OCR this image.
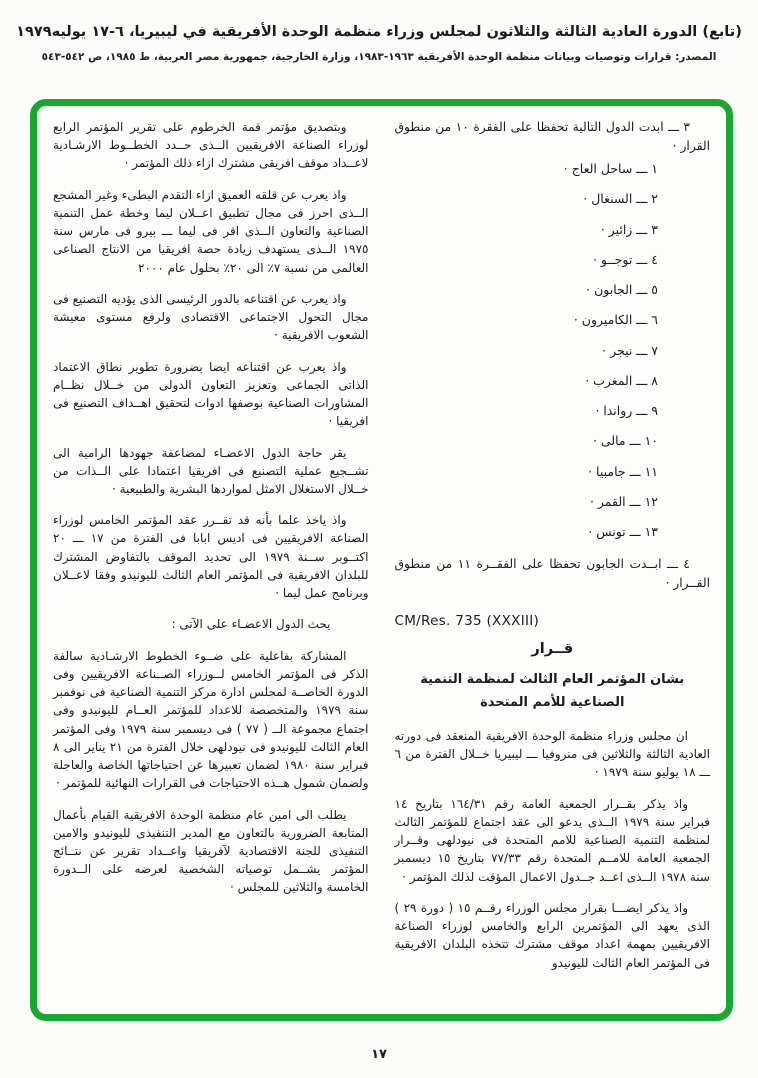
(تابع) الدورة العادية الثالثة والثلاثون لمجلس وزراء منظمة الوحدة الأفريقية في ليبيريا، ٦-١٧ يوليه١٩٧٩
المصدر: قرارات وتوصيات وبيانات منظمة الوحدة الأفريقية ١٩٦٣-١٩٨٣، وزارة الخارجية، جمهورية مصر العربية، ط ١٩٨٥، ص ٥٤٢-٥٤٣
٣ ـــ ابدت الدول التالية تحفظا على الفقرة ١٠ من منطوق القرار ·
١ ـــ ساحل العاج ·
٢ ـــ السنغال ·
٣ ـــ زائير ·
٤ ـــ توجــو ·
٥ ـــ الجابون ·
٦ ـــ الكاميرون ·
٧ ـــ نيجر ·
٨ ـــ المغرب ·
٩ ـــ رواندا ·
١٠ ـــ مالى ·
١١ ـــ جامبيا ·
١٢ ـــ القمر ·
١٣ ـــ تونس ·
٤ ـــ ابــدت الجابون تحفظا على الفقــرة ١١ من منطوق القــرار ·
CM/Res. 735 (XXXIII)
قــرار
بشان المؤتمر العام الثالث لمنظمة التنمية
الصناعية للأمم المتحدة
ان مجلس وزراء منظمة الوحدة الافريقية المنعقد فى دورته العادية الثالثة والثلاثين فى منروفيا ـــ ليبيريا خــلال الفترة من ٦ ـــ ١٨ يوليو سنة ١٩٧٩ ·
واذ يذكر بقــرار الجمعية العامة رقم ١٦٤/٣١ بتاريخ ١٤ فبراير سنة ١٩٧٩ الــذى يدعو الى عقد اجتماع للمؤتمر الثالث لمنظمة التنمية الصناعية للامم المتحدة فى نيودلهى وقــرار الجمعية العامة للامــم المتحدة رقم ٧٧/٣٣ بتاريخ ١٥ ديسمبر سنة ١٩٧٨ الــذى اعــد جــدول الاعمال المؤقت لذلك المؤتمر ·
واذ يذكر ايضـــا بقرار مجلس الوزراء رقــم ١٥ ( دورة ٢٩ ) الذى يعهد الى المؤتمرين الرابع والخامس لوزراء الصناعة الافريقيين بمهمة اعداد موقف مشترك تتخذه البلدان الافريقية فى المؤتمر العام الثالث لليونيدو
وبتصديق مؤتمر قمة الخرطوم على تقرير المؤتمر الرابع لوزراء الصناعة الافريقيين الــذى حــدد الخطــوط الارشـادية لاعــداد موقف افريقى مشترك ازاء ذلك المؤتمر ·
واذ يعرب عن قلقه العميق ازاء التقدم البطىء وغير المشجع الــذى احرز فى مجال تطبيق اعــلان ليما وخطة عمل التنمية الصناعية والتعاون الــذى اقر فى ليما ـــ بيرو فى مارس سنة ١٩٧٥ الــذى يستهدف زيادة حصة افريقيا من الانتاج الصناعى العالمى من نسبة ٧٪ الى ٢٠٪ بحلول عام ٢٠٠٠
واذ يعرب عن اقتناعه بالدور الرئيسى الذى يؤديه التصنيع فى مجال التحول الاجتماعى الاقتصادى ولرفع مستوى معيشة الشعوب الافريقية ·
واذ يعرب عن اقتناعه ايضا بضرورة تطوير نطاق الاعتماد الذاتى الجماعى وتعزيز التعاون الدولى من خــلال نظــام المشاورات الصناعية بوصفها ادوات لتحقيق اهــداف التصنيع فى افريقيا ·
يقر حاجة الدول الاعضـاء لمضاعفة جهودها الرامية الى تشــجيع عملية التصنيع فى افريقيا اعتمادا على الــذات من خــلال الاستغلال الامثل لمواردها البشرية والطبيعية ·
واذ ياخذ علما بأنه قد تقــرر عقد المؤتمر الخامس لوزراء الصناعة الافريقيين فى اديس ابابا فى الفترة من ١٧ ـــ ٢٠ اكتــوبر ســنة ١٩٧٩ الى تحديد الموقف بالتفاوض المشترك للبلدان الافريقية فى المؤتمر العام الثالث لليونيدو وفقا لاعــلان وبرنامج عمل ليما ·
يحث الدول الاعضـاء على الآتى :
المشاركة بفاعلية على ضــوء الخطوط الارشـادية سالفة الذكر فى المؤتمر الخامس لــوزراء الصــناعة الافريقيين وفى الدورة الخاصــة لمجلس ادارة مركز التنمية الصناعية فى نوفمبر سنة ١٩٧٩ والمتخصصة للاعداد للمؤتمر العــام لليونيدو وفى اجتماع مجموعة الــ ( ٧٧ ) فى ديسمبر سنة ١٩٧٩ وفى المؤتمر العام الثالث لليونيدو فى نيودلهى خلال الفترة من ٢١ يناير الى ٨ فبراير سنة ١٩٨٠ لضمان تعبيرها عن احتياجاتها الخاصة والعاجلة ولضمان شمول هــذه الاحتياجات فى القرارات النهائية للمؤتمر ·
يطلب الى امين عام منظمة الوحدة الافريقية القيام بأعمال المتابعة الضرورية بالتعاون مع المدير التنفيذى لليونيدو والامين التنفيذى للجنة الاقتصادية لآفريقيا واعــداد تقرير عن نتــائج المؤتمر يشــمل توصياته الشخصية لعرضه على الــدورة الخامسة والثلاثين للمجلس ·
١٧
